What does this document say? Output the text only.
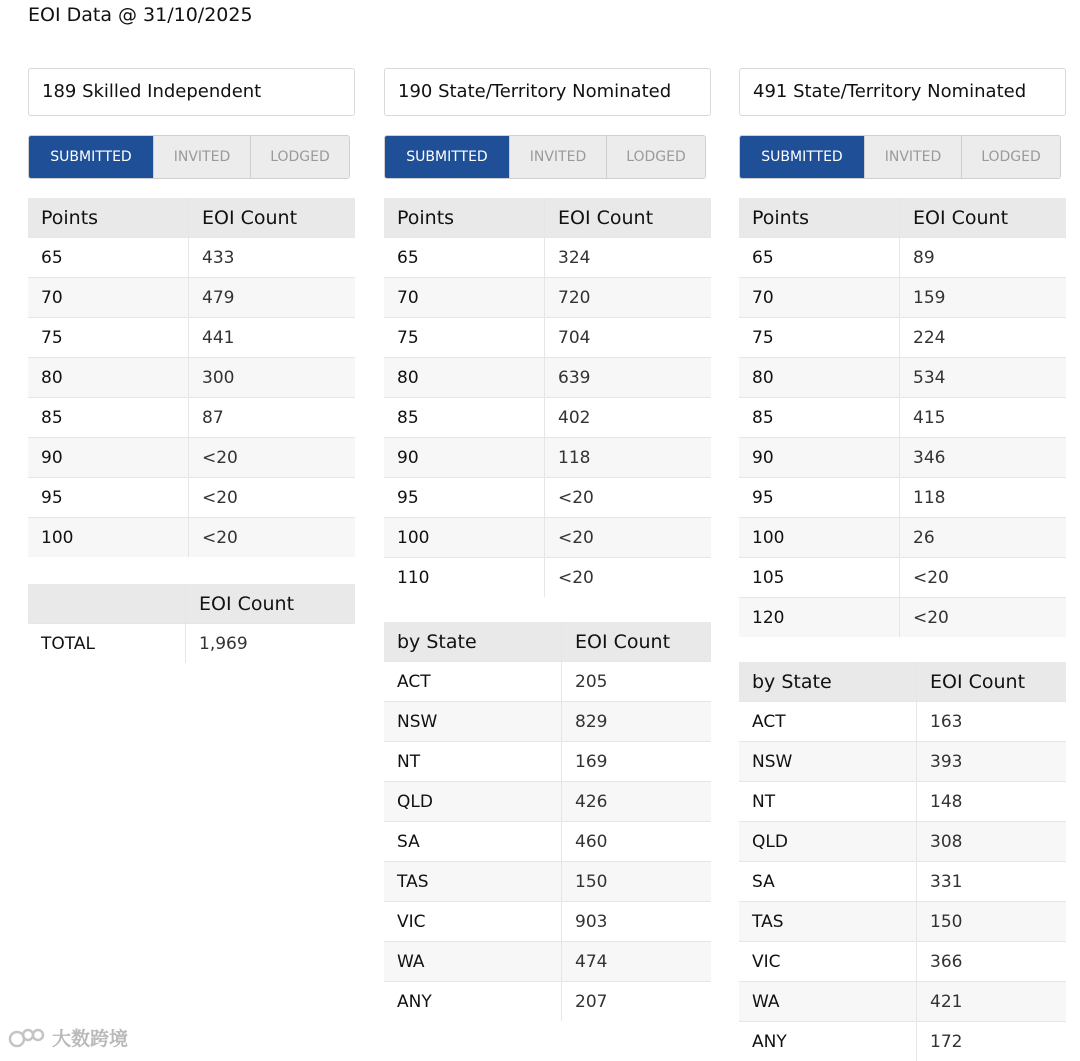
EOI Data @ 31/10/2025
189 Skilled Independent
SUBMITTED	INVITED	LODGED
Points	EOI Count
65	433
70	479
75	441
80	300
85	87
90	<20
95	<20
100	<20
	EOI Count
TOTAL	1,969
190 State/Territory Nominated
SUBMITTED	INVITED	LODGED
Points	EOI Count
65	324
70	720
75	704
80	639
85	402
90	118
95	<20
100	<20
110	<20
by State	EOI Count
ACT	205
NSW	829
NT	169
QLD	426
SA	460
TAS	150
VIC	903
WA	474
ANY	207
491 State/Territory Nominated
SUBMITTED	INVITED	LODGED
Points	EOI Count
65	89
70	159
75	224
80	534
85	415
90	346
95	118
100	26
105	<20
120	<20
by State	EOI Count
ACT	163
NSW	393
NT	148
QLD	308
SA	331
TAS	150
VIC	366
WA	421
ANY	172
大数跨境
